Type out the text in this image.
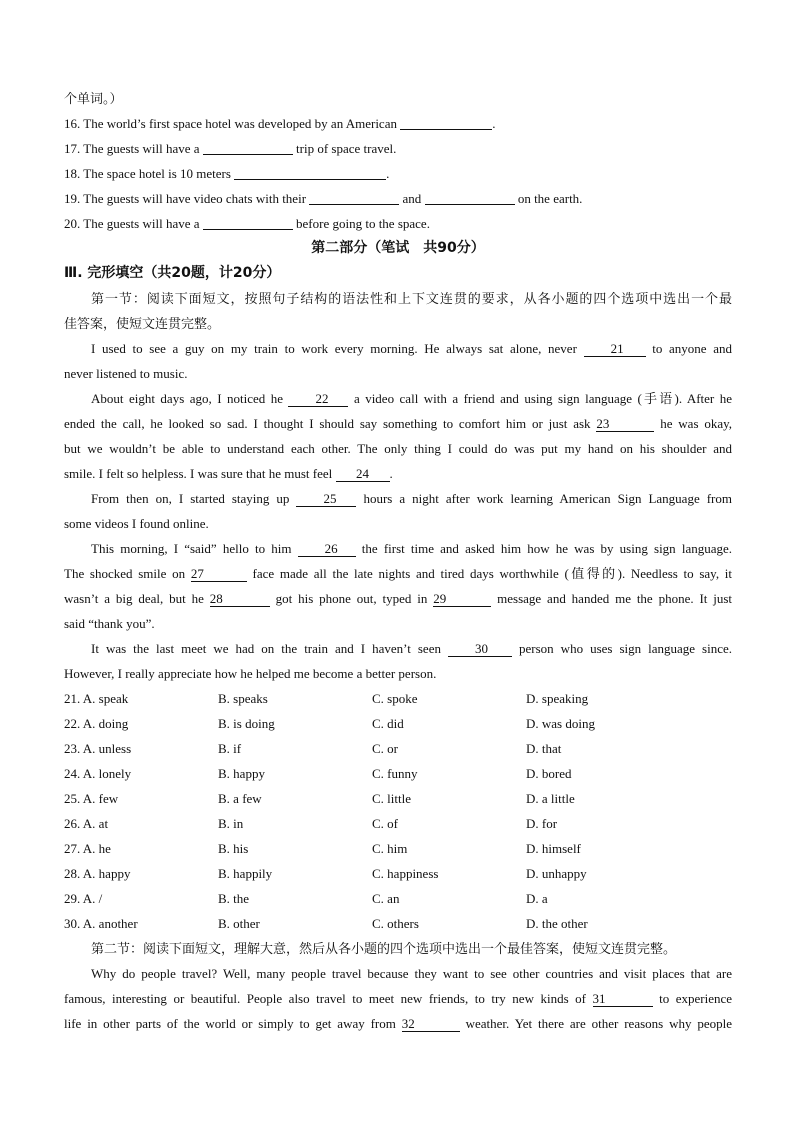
个单词。）
16. The world’s first space hotel was developed by an American	.
17. The guests will have a	trip of space travel.
18. The space hotel is 10 meters	.
19. The guests will have video chats with their	and	on the earth.
20. The guests will have a	before going to the space.
第二部分（笔试　共90分）
Ⅲ. 完形填空（共20题，计20分）
第一节：阅读下面短文，按照句子结构的语法性和上下文连贯的要求，从各小题的四个选项中选出一个最
佳答案，使短文连贯完整。
I used to see a guy on my train to work every morning. He always sat alone, never	21 to anyone and
never listened to music.
About eight days ago, I noticed he 22 a video call with a friend and using sign language (手语). After he
ended the call, he looked so sad. I thought I should say something to comfort him or just ask 23	he was okay,
but we wouldn’t be able to understand each other. The only thing I could do was put my hand on his shoulder and
smile. I felt so helpless. I was sure that he must feel 24 .
From then on, I started staying up	25 hours a night after work learning American Sign Language from
some videos I found online.
This morning, I “said” hello to him	26 the first time and asked him how he was by using sign language.
The shocked smile on 27	face made all the late nights and tired days worthwhile (值得的). Needless to say, it
wasn’t a big deal, but he 28	got his phone out, typed in 29	message and handed me the phone. It just
said “thank you”.
It was the last meet we had on the train and I haven’t seen	30 person who uses sign language since.
However, I really appreciate how he helped me become a better person.
21. A. speak	B. speaks	C. spoke	D. speaking
22. A. doing	B. is doing	C. did	D. was doing
23. A. unless	B. if	C. or	D. that
24. A. lonely	B. happy	C. funny	D. bored
25. A. few	B. a few	C. little	D. a little
26. A. at	B. in	C. of	D. for
27. A. he	B. his	C. him	D. himself
28. A. happy	B. happily	C. happiness	D. unhappy
29. A. /	B. the	C. an	D. a
30. A. another	B. other	C. others	D. the other
第二节：阅读下面短文，理解大意，然后从各小题的四个选项中选出一个最佳答案，使短文连贯完整。
Why do people travel? Well, many people travel because they want to see other countries and visit places that are
famous, interesting or beautiful. People also travel to meet new friends, to try new kinds of 31	to experience
life in other parts of the world or simply to get away from 32	weather. Yet there are other reasons why people
